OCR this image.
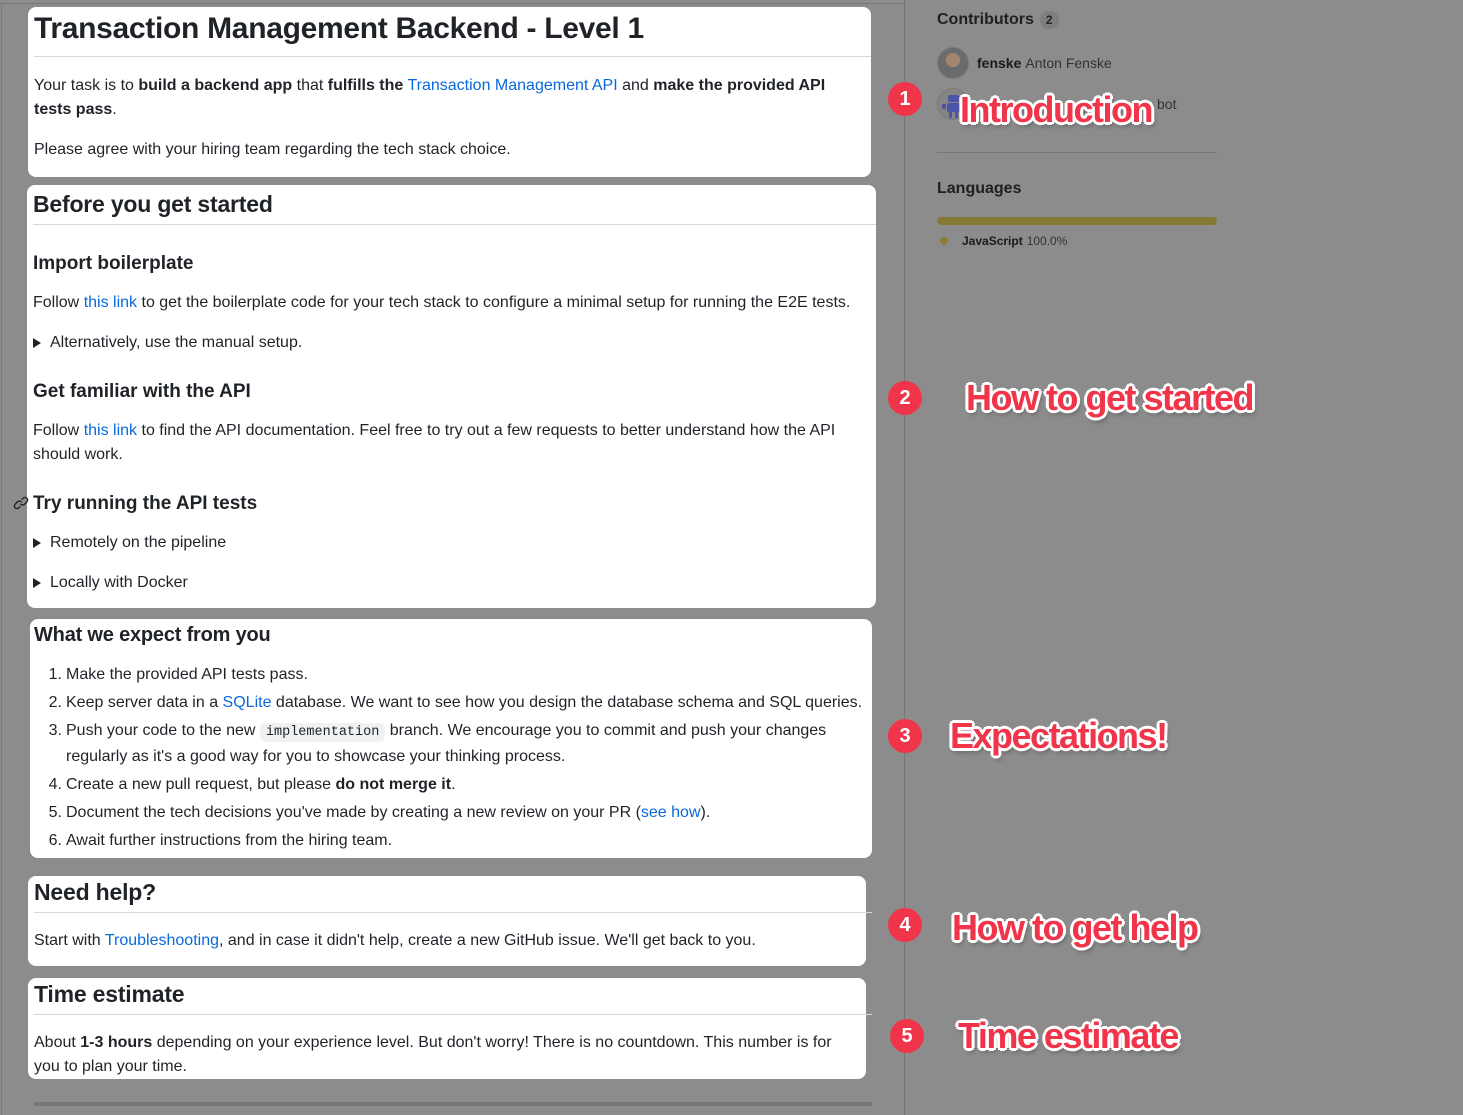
Transaction Management Backend - Level 1

Your task is to build a backend app that fulfills the Transaction Management API and make the provided API tests pass.

Please agree with your hiring team regarding the tech stack choice.

Before you get started
Import boilerplate

Follow this link to get the boilerplate code for your tech stack to configure a minimal setup for running the E2E tests.

Alternatively, use the manual setup.
Get familiar with the API

Follow this link to find the API documentation. Feel free to try out a few requests to better understand how the API should work.

Try running the API tests
Remotely on the pipeline
Locally with Docker
What we expect from you
1. Make the provided API tests pass.
2. Keep server data in a SQLite database. We want to see how you design the database schema and SQL queries.
3. Push your code to the new implementation branch. We encourage you to commit and push your changes regularly as it's a good way for you to showcase your thinking process.
4. Create a new pull request, but please do not merge it.
5. Document the tech decisions you've made by creating a new review on your PR (see how).
6. Await further instructions from the hiring team.
Need help?

Start with Troubleshooting, and in case it didn't help, create a new GitHub issue. We'll get back to you.

Time estimate

About 1-3 hours depending on your experience level. But don't worry! There is no countdown. This number is for you to plan your time.

Contributors	2
fenske Anton Fenske
bot
Languages
JavaScript 100.0%
1	Introduction
2	How to get started
3	Expectations!
4	How to get help
5	Time estimate
